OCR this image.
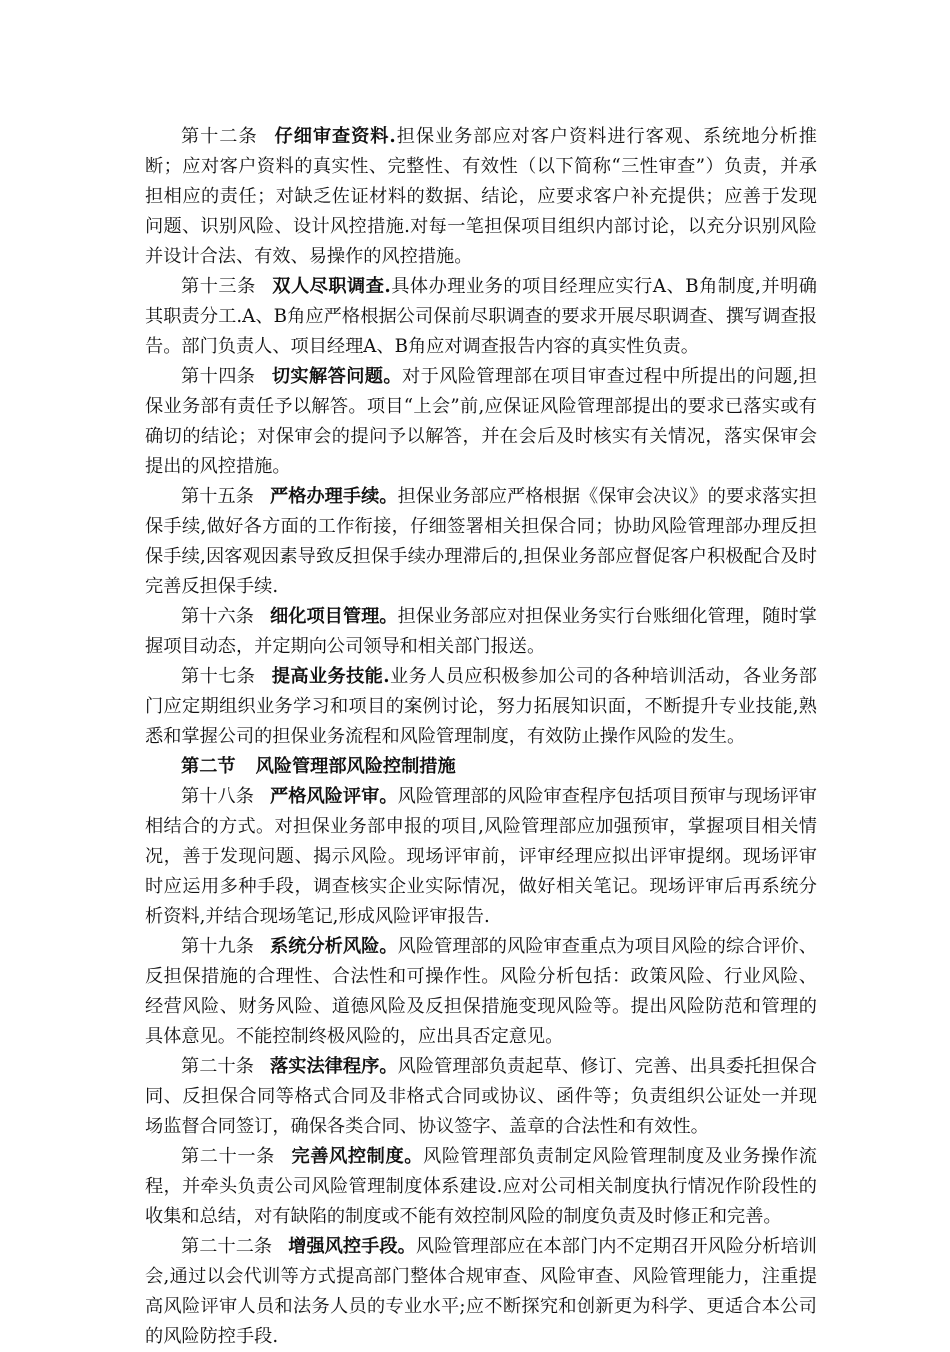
第十二条 仔细审查资料.担保业务部应对客户资料进行客观、系统地分析推断；应对客户资料的真实性、完整性、有效性（以下简称“三性审查”）负责，并承担相应的责任；对缺乏佐证材料的数据、结论，应要求客户补充提供；应善于发现问题、识别风险、设计风控措施.对每一笔担保项目组织内部讨论，以充分识别风险并设计合法、有效、易操作的风控措施。

第十三条 双人尽职调查.具体办理业务的项目经理应实行A、B角制度,并明确其职责分工.A、B角应严格根据公司保前尽职调查的要求开展尽职调查、撰写调查报告。部门负责人、项目经理A、B角应对调查报告内容的真实性负责。

第十四条 切实解答问题。对于风险管理部在项目审查过程中所提出的问题,担保业务部有责任予以解答。项目“上会”前,应保证风险管理部提出的要求已落实或有确切的结论；对保审会的提问予以解答，并在会后及时核实有关情况，落实保审会提出的风控措施。

第十五条 严格办理手续。担保业务部应严格根据《保审会决议》的要求落实担保手续,做好各方面的工作衔接，仔细签署相关担保合同；协助风险管理部办理反担保手续,因客观因素导致反担保手续办理滞后的,担保业务部应督促客户积极配合及时完善反担保手续.

第十六条 细化项目管理。担保业务部应对担保业务实行台账细化管理，随时掌握项目动态，并定期向公司领导和相关部门报送。

第十七条 提高业务技能.业务人员应积极参加公司的各种培训活动，各业务部门应定期组织业务学习和项目的案例讨论，努力拓展知识面，不断提升专业技能,熟悉和掌握公司的担保业务流程和风险管理制度，有效防止操作风险的发生。

第二节 风险管理部风险控制措施

第十八条 严格风险评审。风险管理部的风险审查程序包括项目预审与现场评审相结合的方式。对担保业务部申报的项目,风险管理部应加强预审，掌握项目相关情况，善于发现问题、揭示风险。现场评审前，评审经理应拟出评审提纲。现场评审时应运用多种手段，调查核实企业实际情况，做好相关笔记。现场评审后再系统分析资料,并结合现场笔记,形成风险评审报告.

第十九条 系统分析风险。风险管理部的风险审查重点为项目风险的综合评价、反担保措施的合理性、合法性和可操作性。风险分析包括：政策风险、行业风险、经营风险、财务风险、道德风险及反担保措施变现风险等。提出风险防范和管理的具体意见。不能控制终极风险的，应出具否定意见。

第二十条 落实法律程序。风险管理部负责起草、修订、完善、出具委托担保合同、反担保合同等格式合同及非格式合同或协议、函件等；负责组织公证处一并现场监督合同签订，确保各类合同、协议签字、盖章的合法性和有效性。

第二十一条 完善风控制度。风险管理部负责制定风险管理制度及业务操作流程，并牵头负责公司风险管理制度体系建设.应对公司相关制度执行情况作阶段性的收集和总结，对有缺陷的制度或不能有效控制风险的制度负责及时修正和完善。

第二十二条 增强风控手段。风险管理部应在本部门内不定期召开风险分析培训会,通过以会代训等方式提高部门整体合规审查、风险审查、风险管理能力，注重提高风险评审人员和法务人员的专业水平;应不断探究和创新更为科学、更适合本公司的风险防控手段.
